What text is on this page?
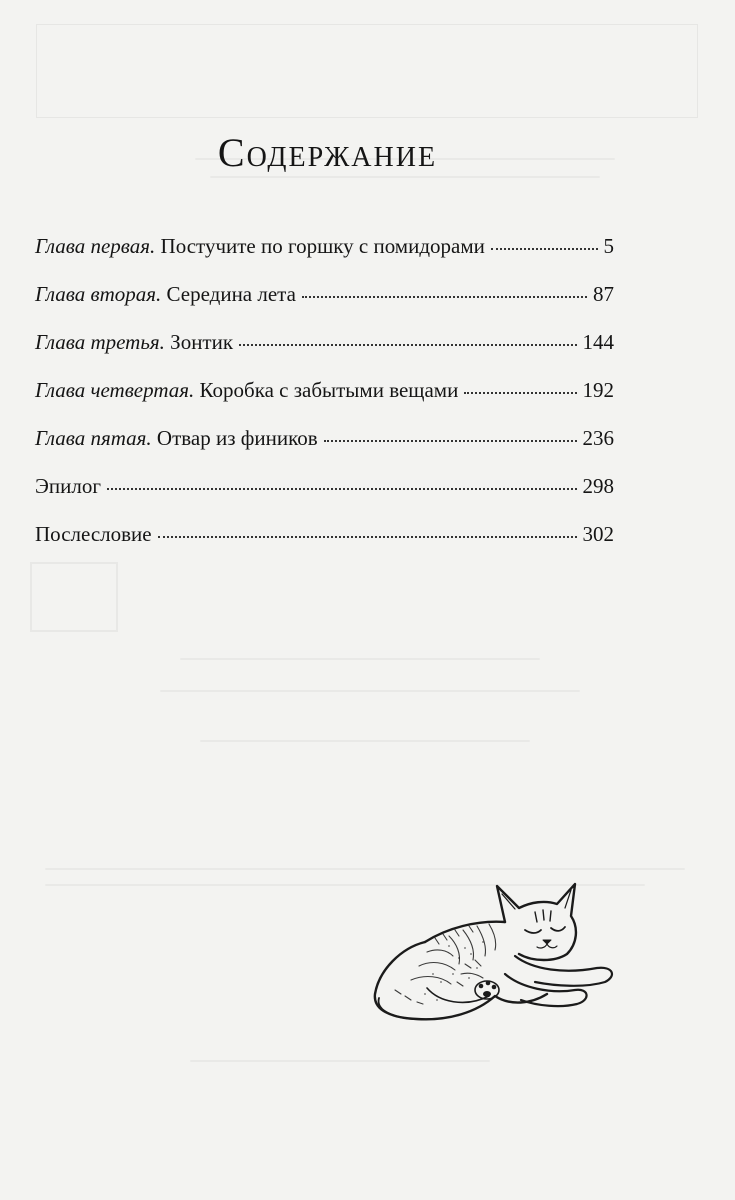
Содержание
Глава первая. Постучите по горшку с помидорами	5
Глава вторая. Середина лета	87
Глава третья. Зонтик	144
Глава четвертая. Коробка с забытыми вещами	192
Глава пятая. Отвар из фиников	236
Эпилог	298
Послесловие	302
